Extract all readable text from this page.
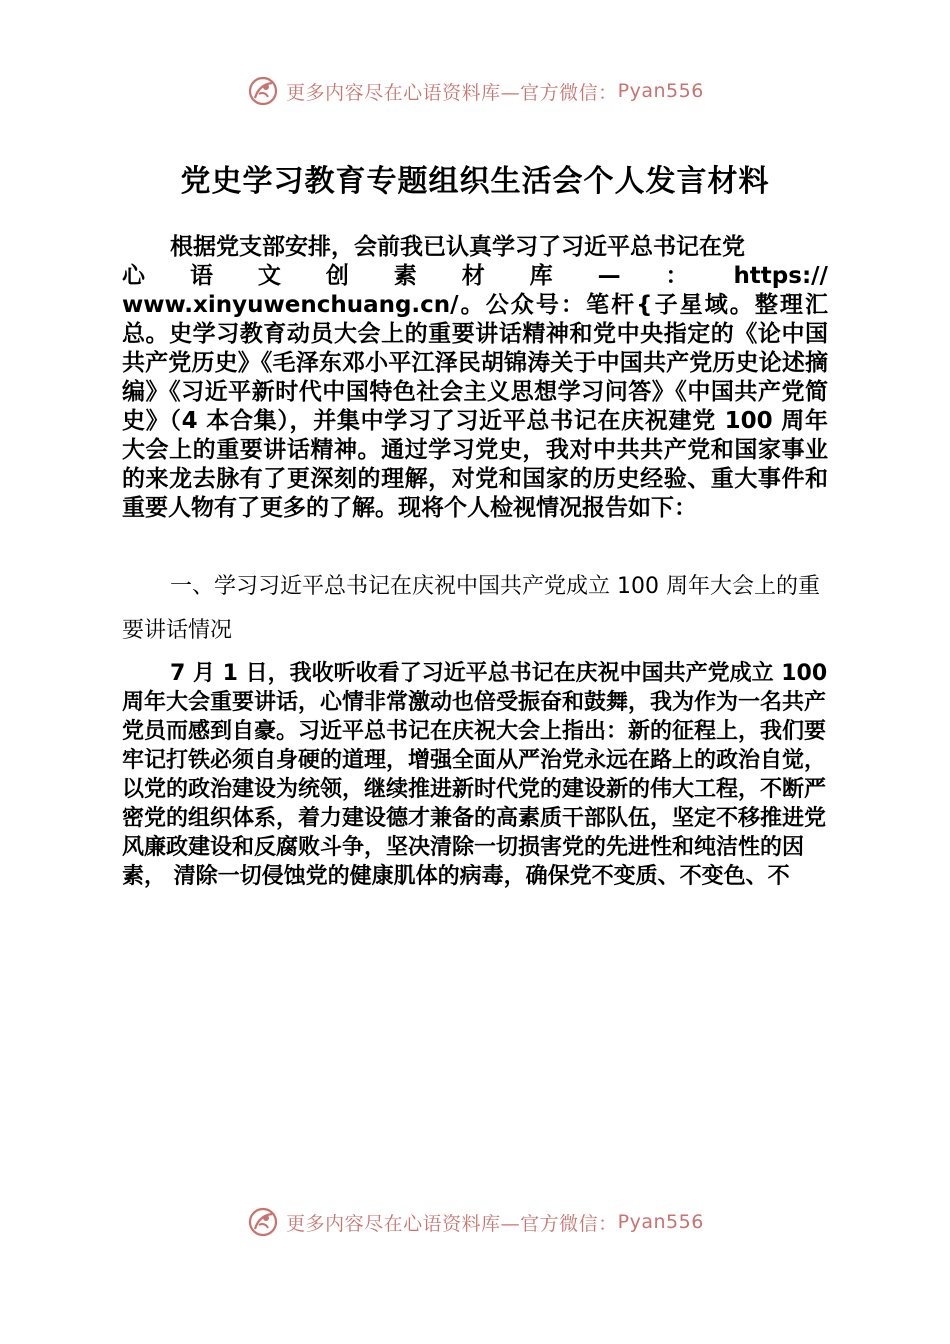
更多内容尽在心语资料库—官方微信： Pyan556
党史学习教育专题组织生活会个人发言材料
根据党支部安排，会前我已认真学习了习近平总书记在党
心 语 文 创 素 材 库 — ： https://
www.xinyuwenchuang.cn/。公众号：笔杆{子星域。整理汇总。史学习教育动员大会上的重要讲话精神和党中央指定的《论中国共产党历史》《毛泽东邓小平江泽民胡锦涛关于中国共产党历史论述摘编》《习近平新时代中国特色社会主义思想学习问答》《中国共产党简史》（4 本合集），并集中学习了习近平总书记在庆祝建党 100 周年大会上的重要讲话精神。通过学习党史，我对中共共产党和国家事业的来龙去脉有了更深刻的理解，对党和国家的历史经验、重大事件和重要人物有了更多的了解。现将个人检视情况报告如下：
一、学习习近平总书记在庆祝中国共产党成立 100 周年大会上的重要讲话情况
7 月 1 日，我收听收看了习近平总书记在庆祝中国共产党成立 100 周年大会重要讲话，心情非常激动也倍受振奋和鼓舞，我为作为一名共产党员而感到自豪。习近平总书记在庆祝大会上指出：新的征程上，我们要牢记打铁必须自身硬的道理，增强全面从严治党永远在路上的政治自觉，以党的政治建设为统领，继续推进新时代党的建设新的伟大工程，不断严密党的组织体系，着力建设德才兼备的高素质干部队伍，坚定不移推进党风廉政建设和反腐败斗争，坚决清除一切损害党的先进性和纯洁性的因素， 清除一切侵蚀党的健康肌体的病毒，确保党不变质、不变色、不
更多内容尽在心语资料库—官方微信： Pyan556
